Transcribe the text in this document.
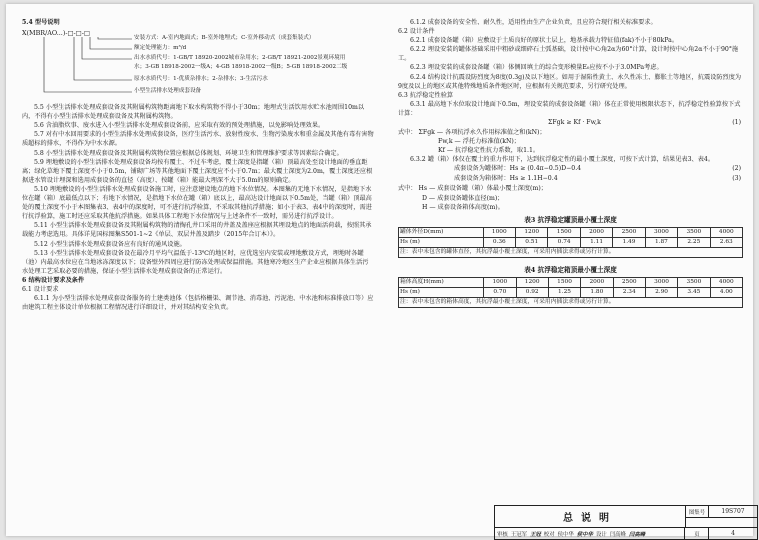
5.4 型号说明

X(MBR/AO...)-□-□-□
安装方式：A-室内地面式；B-室外地埋式；C-室外移动式（成套集装式）
额定处理能力：m³/d
出水水质代号：1-GB/T 18920-2002城市杂用水；2-GB/T 18921-2002景观环境用
水；3-GB 18918-2002一级A；4-GB 18918-2002一级B；5-GB 18918-2002二级
原水水质代号：1-优质杂排水；2-杂排水；3-生活污水
小型生活排水处理成套设备

5.5 小型生活排水处理成套设备及其附属构筑物距离地下取水构筑物不得小于30m；地埋式生活饮用水贮水池周围10m以内，不得有小型生活排水处理成套设备及其附属构筑物。

5.6 含油脂炊事、废水进入小型生活排水处理成套设备前，应采取有效的预处理措施，以免影响处理效果。

5.7 对有中水回用要求的小型生活排水处理成套设备，医疗生活污水、放射性废水、生物污染废水和重金属及其他有毒有害物质超标的排水，不得作为中水水源。

5.8 小型生活排水处理成套设备及其附属构筑物位置应根据总体规划、环境卫生和管理维护要求等因素综合确定。

5.9 埋地敷设的小型生活排水处理成套设备均按有覆土、不过车考虑，覆土深度是指罐（箱）顶最高处至设计地面的垂直距离；绿化草地下覆土深度不小于0.5m，铺砌广场等其他地面下覆土深度应不小于0.7m；最大覆土深度为2.0m，覆土深度还应根据进水管设计埋深和选用成套设备的直径（高度）、按罐（箱）能最大埋深不大于5.0m的原则确定。

5.10 埋地敷设的小型生活排水处理成套设备施工时，应注意建设地点的地下水位情况。本图集的无地下水情况，是指地下水位在罐（箱）底最低点以下；有地下水情况，是指地下水位在罐（箱）底以上，最高达设计地面以下0.5m处，当罐（箱）顶最高处的覆土深度不小于本图集表3、表4中的深度时，可不进行抗浮验算，不采取其他抗浮措施；如小于表3、表4中的深度时，需进行抗浮验算，施工时还应采取其他抗浮措施。如果具体工程地下水位情况与上述条件不一致时，需另进行抗浮设计。

5.11 小型生活排水处理成套设备及其附属构筑物的清掏孔井口采用的井盖及盖座应根据其埋设地点的地面活荷载，按照其承载能力考虑选用。具体详见国标图集S501-1~2《单层、双层井盖及踏步（2015年合订本）》。

5.12 小型生活排水处理成套设备应有良好的通风设施。

5.13 小型生活排水处理成套设备设在最冷月平均气温低于-13℃的地区时，应优选室内安装或埋地敷设方式，埋地时各罐（池）内最高水位应在当地冰冻深度以下；设备壁外四周应进行防冻处理或保温措施。其他寒冷地区生产企业应根据具体生活污水处理工艺采取必要的措施，保证小型生活排水处理成套设备的正常运行。

6 结构设计要求及条件

6.1 设计要求

6.1.1 为小型生活排水处理成套设备服务的土建类池体（包括格栅渠、调节池、消毒池、污泥池、中水池和标准排放口等）应由建筑工程主体设计单位根据工程情况进行详细设计，并对其结构安全负责。

6.1.2 成套设备的安全性、耐久性，适用性由生产企业负责，且应符合现行相关标准要求。

6.2 设计条件

6.2.1 成套设备罐（箱）应敷设于土质良好的原状土层上，地基承载力特征值(fak)不小于80kPa。

6.2.2 埋设安装的罐体基础采用中粗砂或细碎石土弧基础，设计按中心角2α为60°计算，设计时按中心角2α不小于90°施工。

6.2.3 埋设安装的成套设备罐（箱）体侧回填土的综合变形模量E₀应按不小于3.0MPa考虑。

6.2.4 结构设计抗震设防烈度为8度(0.3g)及以下地区。如用于湿陷性黄土、永久性冻土、膨胀土等地区，抗震设防烈度为9度及以上的地区或其他特殊地质条件地区时，应根据有关规范要求，另行研究处理。

6.3 抗浮稳定性验算

6.3.1 最高地下水位取设计地面下0.5m，埋设安装的成套设备罐（箱）体在正常使用极限状态下，抗浮稳定性验算按下式计算：

ΣFgk ≥ Kf · Fw,k	(1)

式中： ΣFgk — 各项抗浮永久作用标准值之和(kN)；

Fw,k — 浮托力标准值(kN)；

Kf — 抗浮稳定性抗力系数，取1.1。

6.3.2 罐（箱）体仅在覆土的重力作用下，达到抗浮稳定性的最小覆土深度，可按下式计算，结果见表3、表4。

成套设备为罐体时：Hs ≥ (0.4π−0.5)D−0.4	(2)
成套设备为箱体时：Hs ≥ 1.1H−0.4	(3)

式中： Hs — 成套设备罐（箱）体最小覆土深度(m)；

D — 成套设备罐体直径(m)；

H — 成套设备箱体高度(m)。

表3 抗浮稳定罐顶最小覆土深度
罐体外径D(mm)	1000	1200	1500	2000	2500	3000	3500	4000
Hs (m)	0.36	0.51	0.74	1.11	1.49	1.87	2.25	2.63
注：表中未包含的罐体直径，其抗浮最小覆土深度，可采用内插法求得或另行计算。								
表4 抗浮稳定箱顶最小覆土深度
箱体高度H(mm)	1000	1200	1500	2000	2500	3000	3500	4000
Hs (m)	0.70	0.92	1.25	1.80	2.34	2.90	3.45	4.00
注：表中未包含的箱体高度，其抗浮最小覆土深度，可采用内插法求得或另行计算。								
总说明
图集号	19S707
审核 王冠军 王冠 校对 侯中华 侯中华 设计 闫高峰 闫高峰	页	4
